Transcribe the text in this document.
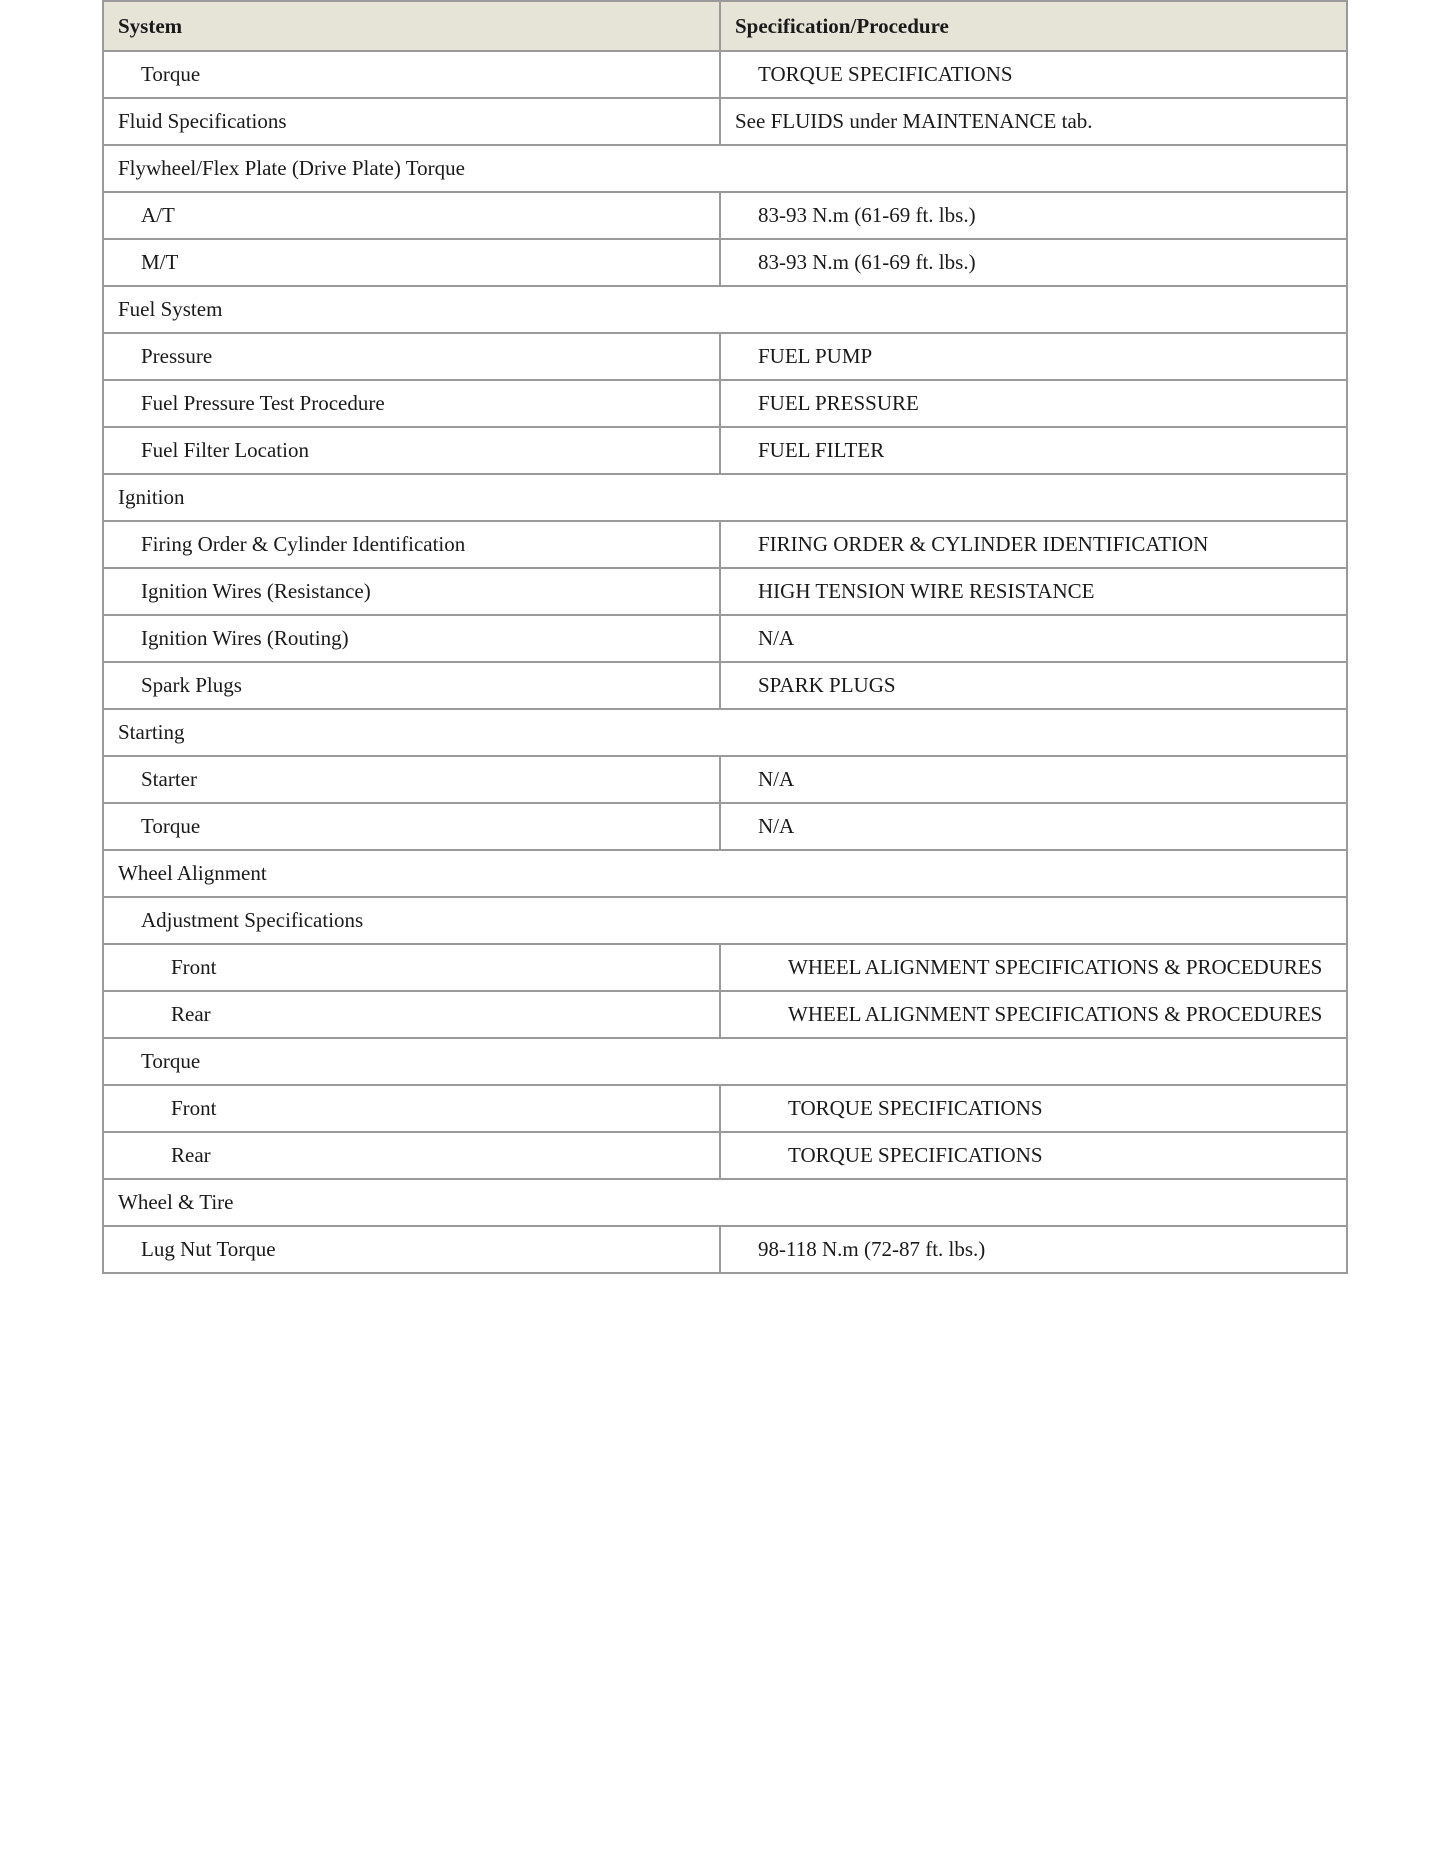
System	Specification/Procedure

Torque	TORQUE SPECIFICATIONS

Fluid Specifications	See FLUIDS under MAINTENANCE tab.

Flywheel/Flex Plate (Drive Plate) Torque	

A/T	83-93 N.m (61-69 ft. lbs.)

M/T	83-93 N.m (61-69 ft. lbs.)

Fuel System	

Pressure	FUEL PUMP

Fuel Pressure Test Procedure	FUEL PRESSURE

Fuel Filter Location	FUEL FILTER

Ignition	

Firing Order & Cylinder Identification	FIRING ORDER & CYLINDER IDENTIFICATION

Ignition Wires (Resistance)	HIGH TENSION WIRE RESISTANCE

Ignition Wires (Routing)	N/A

Spark Plugs	SPARK PLUGS

Starting	

Starter	N/A

Torque	N/A

Wheel Alignment	

Adjustment Specifications	

Front	WHEEL ALIGNMENT SPECIFICATIONS & PROCEDURES

Rear	WHEEL ALIGNMENT SPECIFICATIONS & PROCEDURES

Torque	

Front	TORQUE SPECIFICATIONS

Rear	TORQUE SPECIFICATIONS

Wheel & Tire	

Lug Nut Torque	98-118 N.m (72-87 ft. lbs.)
